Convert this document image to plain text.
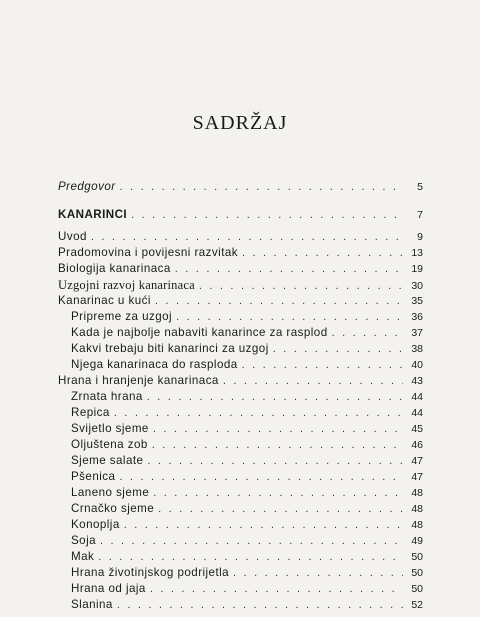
SADRŽAJ
Predgovor . . .	5
KANARINCI . . .	7
Uvod . . .	9
Pradomovina i povijesni razvitak . . .	13
Biologija kanarinaca . . .	19
Uzgojni razvoj kanarinaca . . .	30
Kanarinac u kući . . .	35
Pripreme za uzgoj . . .	36
Kada je najbolje nabaviti kanarince za rasplod . . .	37
Kakvi trebaju biti kanarinci za uzgoj . . .	38
Njega kanarinaca do rasploda . . .	40
Hrana i hranjenje kanarinaca . . .	43
Zrnata hrana . . .	44
Repica . . .	44
Svijetlo sjeme . . .	45
Oljuštena zob . . .	46
Sjeme salate . . .	47
Pšenica . . .	47
Laneno sjeme . . .	48
Crnačko sjeme . . .	48
Konoplja . . .	48
Soja . . .	49
Mak . . .	50
Hrana životinjskog podrijetla . . .	50
Hrana od jaja . . .	50
Slanina . . .	52
